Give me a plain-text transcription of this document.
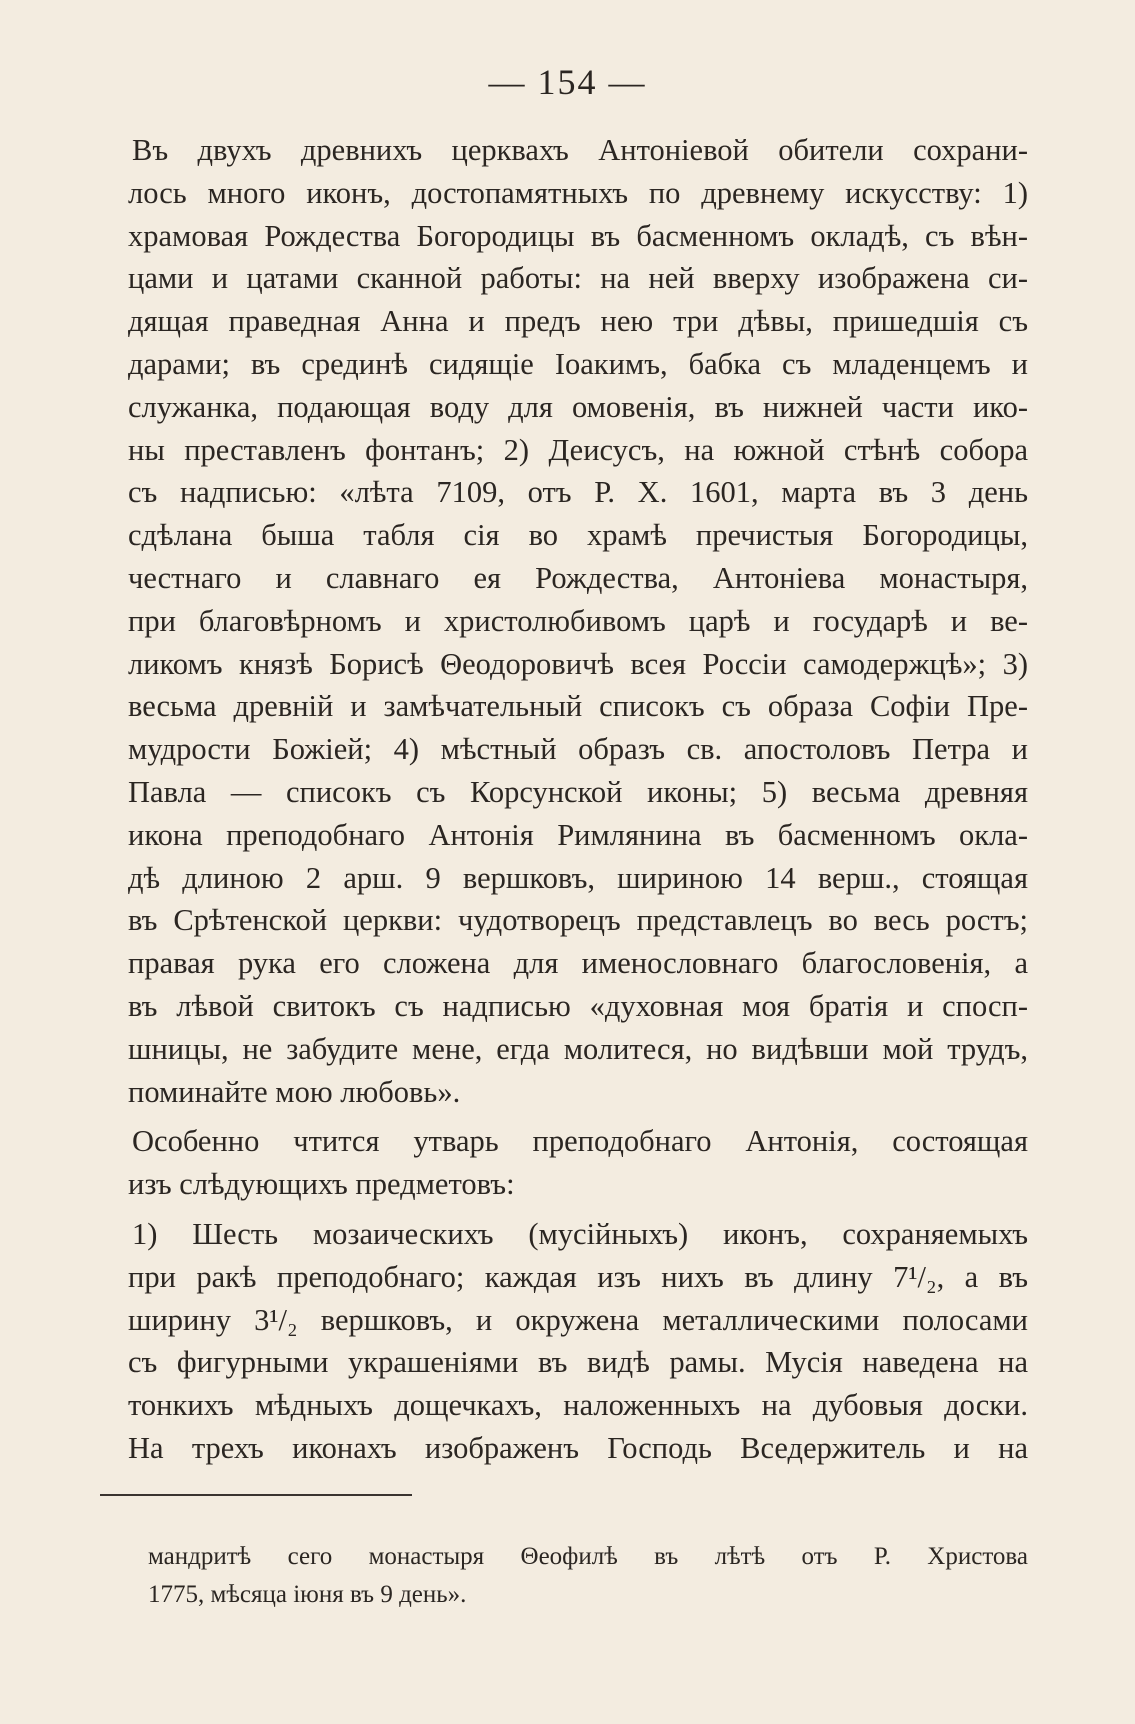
— 154 —
Въ двухъ древнихъ церквахъ Антоніевой обители сохрани-
лось много иконъ, достопамятныхъ по древнему искусству: 1)
храмовая Рождества Богородицы въ басменномъ окладѣ, съ вѣн-
цами и цатами сканной работы: на ней вверху изображена си-
дящая праведная Анна и предъ нею три дѣвы, пришедшія съ
дарами; въ срединѣ сидящіе Іоакимъ, бабка съ младенцемъ и
служанка, подающая воду для омовенія, въ нижней части ико-
ны преставленъ фонтанъ; 2) Деисусъ, на южной стѣнѣ собора
съ надписью: «лѣта 7109, отъ Р. Х. 1601, марта въ 3 день
сдѣлана быша табля сія во храмѣ пречистыя Богородицы,
честнаго и славнаго ея Рождества, Антоніева монастыря,
при благовѣрномъ и христолюбивомъ царѣ и государѣ и ве-
ликомъ князѣ Борисѣ Θеодоровичѣ всея Россіи самодержцѣ»; 3)
весьма древній и замѣчательный списокъ съ образа Софіи Пре-
мудрости Божіей; 4) мѣстный образъ св. апостоловъ Петра и
Павла — списокъ съ Корсунской иконы; 5) весьма древняя
икона преподобнаго Антонія Римлянина въ басменномъ окла-
дѣ длиною 2 арш. 9 вершковъ, шириною 14 верш., стоящая
въ Срѣтенской церкви: чудотворецъ представлецъ во весь ростъ;
правая рука его сложена для именословнаго благословенія, а
въ лѣвой свитокъ съ надписью «духовная моя братія и спосп-
шницы, не забудите мене, егда молитеся, но видѣвши мой трудъ,
поминайте мою любовь».
Особенно чтится утварь преподобнаго Антонія, состоящая
изъ слѣдующихъ предметовъ:
1) Шесть мозаическихъ (мусійныхъ) иконъ, сохраняемыхъ
при ракѣ преподобнаго; каждая изъ нихъ въ длину 7¹/₂, а въ
ширину 3¹/₂ вершковъ, и окружена металлическими полосами
съ фигурными украшеніями въ видѣ рамы. Мусія наведена на
тонкихъ мѣдныхъ дощечкахъ, наложенныхъ на дубовыя доски.
На трехъ иконахъ изображенъ Господь Вседержитель и на
мандритѣ сего монастыря Θеофилѣ въ лѣтѣ отъ Р. Христова
1775, мѣсяца іюня въ 9 день».
